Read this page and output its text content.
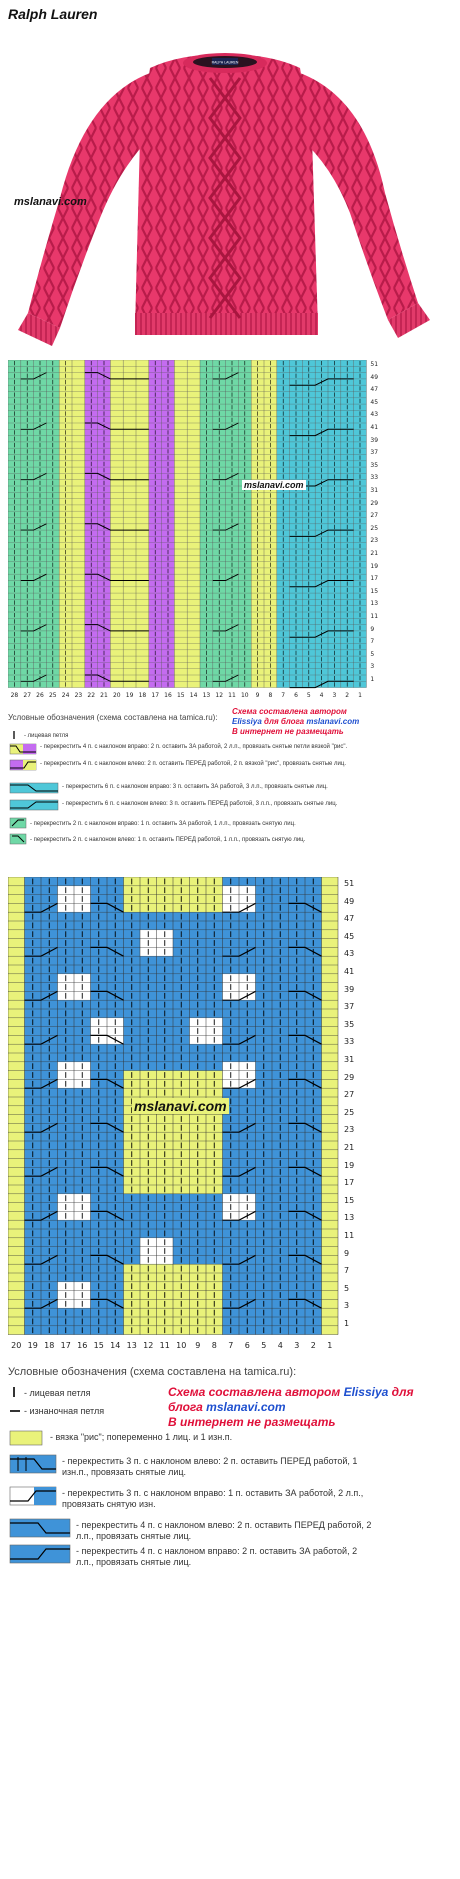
Ralph Lauren
RALPH LAUREN
mslanavi.com
51
49
47
45
43
41
39
37
35
33
31
29
27
25
23
21
19
17
15
13
11
9
7
5
3
1
28 27 26 25 24 23 22 21 20 19 18 17 16 15 14 13 12 11 10	9	8	7	6	5	4	3	2	1
mslanavi.com
Условные обозначения (схема составлена на tamica.ru):
Схема составлена автором
Elissiya для блога mslanavi.com
В интернет не размещать
- лицевая петля
- перекрестить 4 п. с наклоном вправо: 2 п. оставить ЗА работой, 2 л.п., провязать снятые петли вязкой "рис".
- перекрестить 4 п. с наклоном влево: 2 п. оставить ПЕРЕД работой, 2 п. вязкой "рис", провязать снятые лиц.
- перекрестить 6 п. с наклоном вправо: 3 п. оставить ЗА работой, 3 л.п., провязать снятые лиц.
- перекрестить 6 п. с наклоном влево: 3 п. оставить ПЕРЕД работой, 3 л.п., провязать снятые лиц.
- перекрестить 2 п. с наклоном вправо: 1 п. оставить ЗА работой, 1 л.п., провязать снятую лиц.
- перекрестить 2 п. с наклоном влево: 1 п. оставить ПЕРЕД работой, 1 л.п., провязать снятую лиц.
51
49
47
45
43
41
39
37
35
33
31
29
27
25
23
21
19
17
15
13
11
9
7
5
3
1
20 19 18 17 16 15 14 13 12 11 10	9	8	7	6	5	4	3	2	1
mslanavi.com
Условные обозначения (схема составлена на tamica.ru):
Схема составлена автором Elissiya для
блога mslanavi.com
В интернет не размещать
- лицевая петля
- изнаночная петля
- вязка "рис"; попеременно 1 лиц. и 1 изн.п.
- перекрестить 3 п. с наклоном влево: 2 п. оставить ПЕРЕД работой, 1 изн.п., провязать снятые лиц.
- перекрестить 3 п. с наклоном вправо: 1 п. оставить ЗА работой, 2 л.п., провязать снятую изн.
- перекрестить 4 п. с наклоном влево: 2 п. оставить ПЕРЕД работой, 2 л.п., провязать снятые лиц.
- перекрестить 4 п. с наклоном вправо: 2 п. оставить ЗА работой, 2 л.п., провязать снятые лиц.
